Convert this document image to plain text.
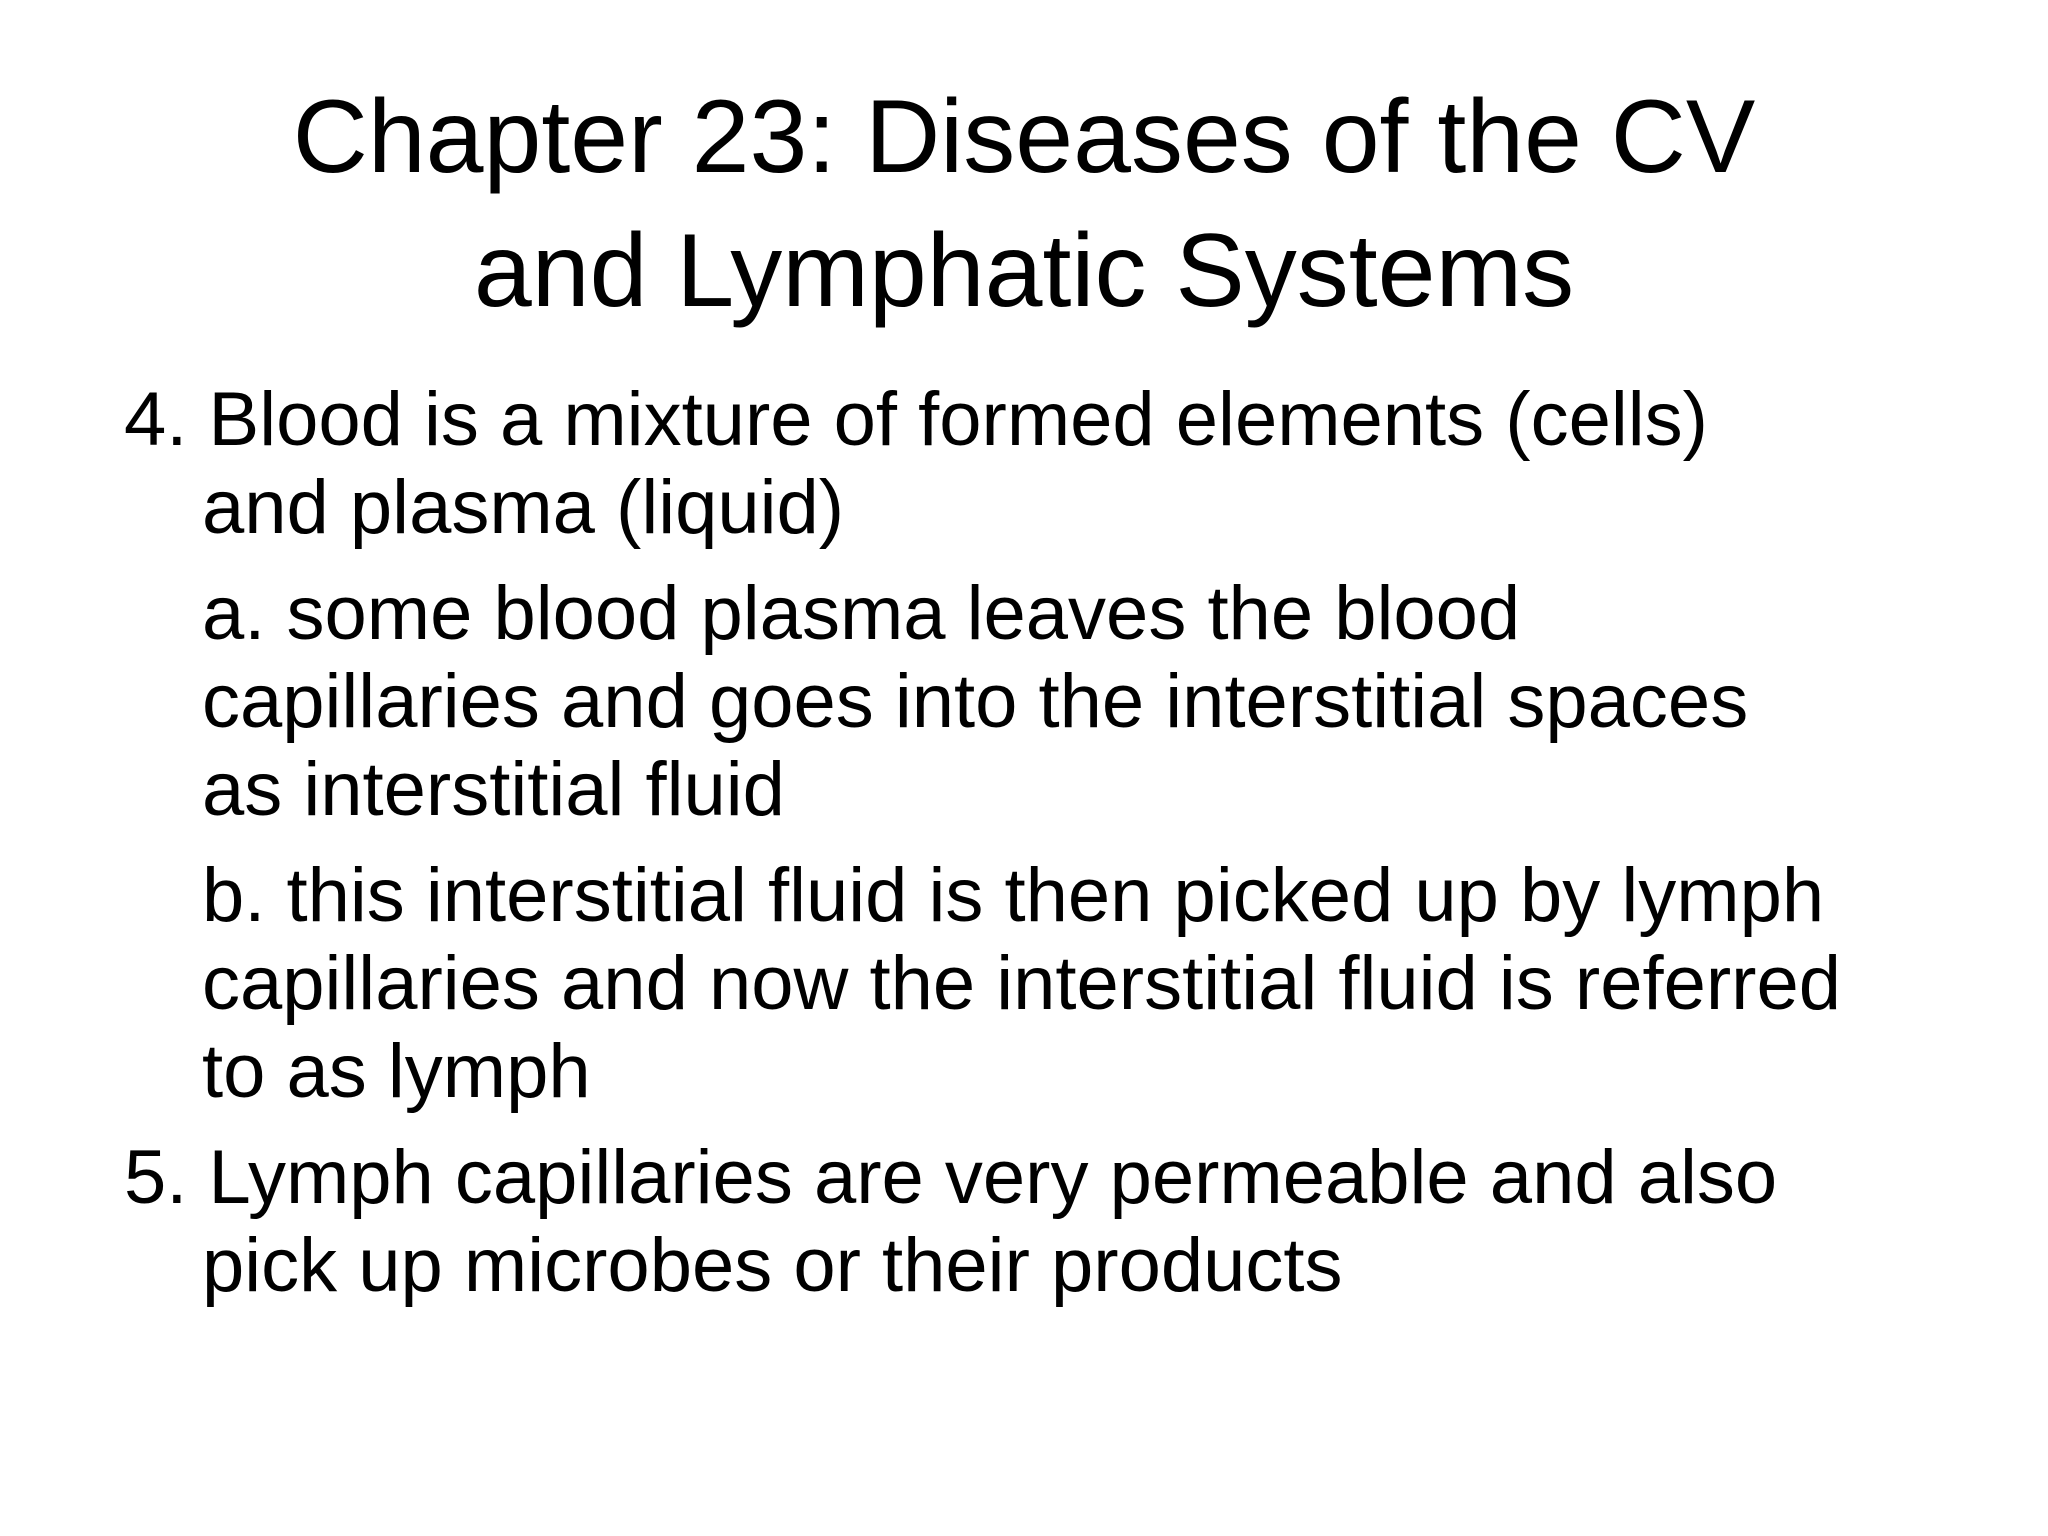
Chapter 23: Diseases of the CV
and Lymphatic Systems
4. Blood is a mixture of formed elements (cells)
and plasma (liquid)
a. some blood plasma leaves the blood
capillaries and goes into the interstitial spaces
as interstitial fluid
b. this interstitial fluid is then picked up by lymph
capillaries and now the interstitial fluid is referred
to as lymph
5. Lymph capillaries are very permeable and also
pick up microbes or their products
